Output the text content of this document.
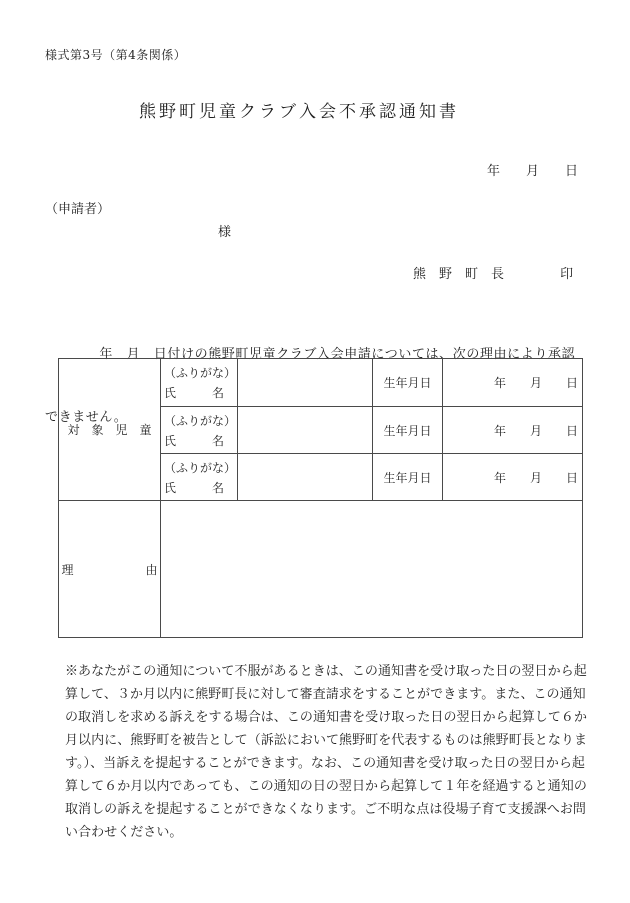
様式第3号（第4条関係）
熊野町児童クラブ入会不承認通知書
年　　月　　日
（申請者）
様
熊　野　町　長	印

　　　　年　月　日付けの熊野町児童クラブ入会申請については、次の理由により承認

できません。

対　象　児　童	（ふりがな）
氏　　　名		生年月日	年　　月　　日

	（ふりがな）
氏　　　名		生年月日	年　　月　　日

	（ふりがな）
氏　　　名		生年月日	年　　月　　日
理　　　　　　由				
※あなたがこの通知について不服があるときは、この通知書を受け取った日の翌日から起
算して、３か月以内に熊野町長に対して審査請求をすることができます。また、この通知
の取消しを求める訴えをする場合は、この通知書を受け取った日の翌日から起算して６か
月以内に、熊野町を被告として（訴訟において熊野町を代表するものは熊野町長となりま
す。）、当訴えを提起することができます。なお、この通知書を受け取った日の翌日から起
算して６か月以内であっても、この通知の日の翌日から起算して１年を経過すると通知の
取消しの訴えを提起することができなくなります。ご不明な点は役場子育て支援課へお問
い合わせください。
